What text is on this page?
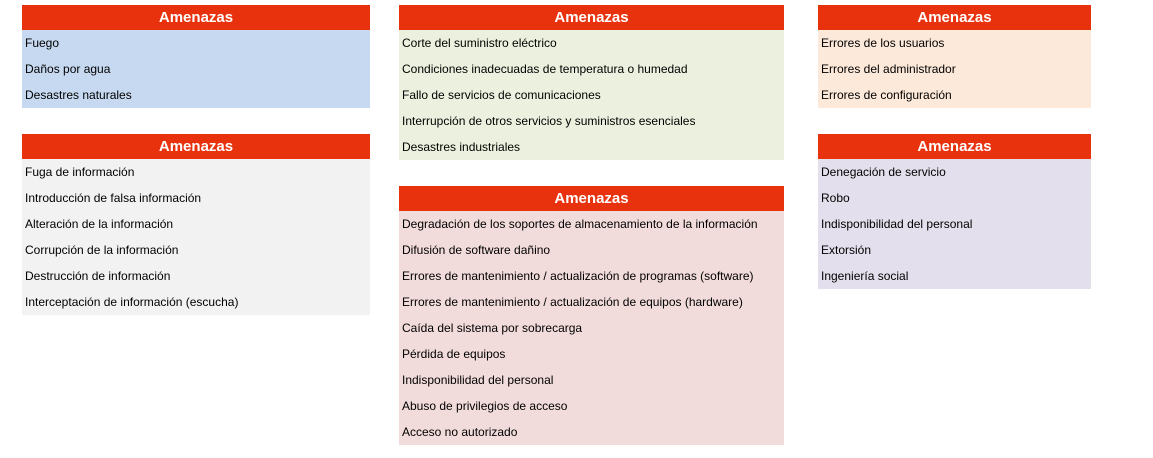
Amenazas
Fuego
Daños por agua
Desastres naturales
Amenazas
Fuga de información
Introducción de falsa información
Alteración de la información
Corrupción de la información
Destrucción de información
Interceptación de información (escucha)
Amenazas
Corte del suministro eléctrico
Condiciones inadecuadas de temperatura o humedad
Fallo de servicios de comunicaciones
Interrupción de otros servicios y suministros esenciales
Desastres industriales
Amenazas
Degradación de los soportes de almacenamiento de la información
Difusión de software dañino
Errores de mantenimiento / actualización de programas (software)
Errores de mantenimiento / actualización de equipos (hardware)
Caída del sistema por sobrecarga
Pérdida de equipos
Indisponibilidad del personal
Abuso de privilegios de acceso
Acceso no autorizado
Amenazas
Errores de los usuarios
Errores del administrador
Errores de configuración
Amenazas
Denegación de servicio
Robo
Indisponibilidad del personal
Extorsión
Ingeniería social
